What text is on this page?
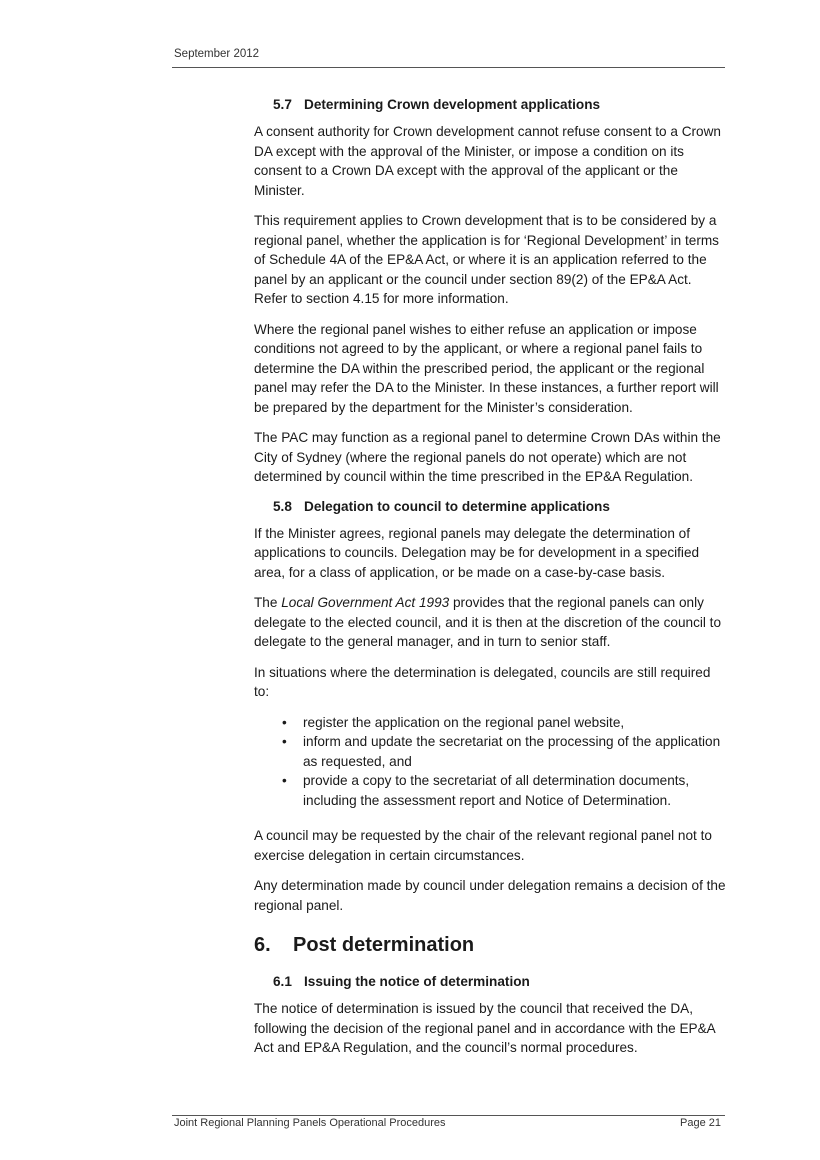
September 2012
5.7 Determining Crown development applications

A consent authority for Crown development cannot refuse consent to a Crown DA except with the approval of the Minister, or impose a condition on its consent to a Crown DA except with the approval of the applicant or the Minister.

This requirement applies to Crown development that is to be considered by a regional panel, whether the application is for ‘Regional Development’ in terms of Schedule 4A of the EP&A Act, or where it is an application referred to the panel by an applicant or the council under section 89(2) of the EP&A Act. Refer to section 4.15 for more information.

Where the regional panel wishes to either refuse an application or impose conditions not agreed to by the applicant, or where a regional panel fails to determine the DA within the prescribed period, the applicant or the regional panel may refer the DA to the Minister. In these instances, a further report will be prepared by the department for the Minister’s consideration.

The PAC may function as a regional panel to determine Crown DAs within the City of Sydney (where the regional panels do not operate) which are not determined by council within the time prescribed in the EP&A Regulation.

5.8 Delegation to council to determine applications

If the Minister agrees, regional panels may delegate the determination of applications to councils. Delegation may be for development in a specified area, for a class of application, or be made on a case-by-case basis.

The Local Government Act 1993 provides that the regional panels can only delegate to the elected council, and it is then at the discretion of the council to delegate to the general manager, and in turn to senior staff.

In situations where the determination is delegated, councils are still required to:

• register the application on the regional panel website,
• inform and update the secretariat on the processing of the application as requested, and
• provide a copy to the secretariat of all determination documents, including the assessment report and Notice of Determination.

A council may be requested by the chair of the relevant regional panel not to exercise delegation in certain circumstances.

Any determination made by council under delegation remains a decision of the regional panel.

6. Post determination
6.1 Issuing the notice of determination

The notice of determination is issued by the council that received the DA, following the decision of the regional panel and in accordance with the EP&A Act and EP&A Regulation, and the council’s normal procedures.

Joint Regional Planning Panels Operational Procedures	Page 21
